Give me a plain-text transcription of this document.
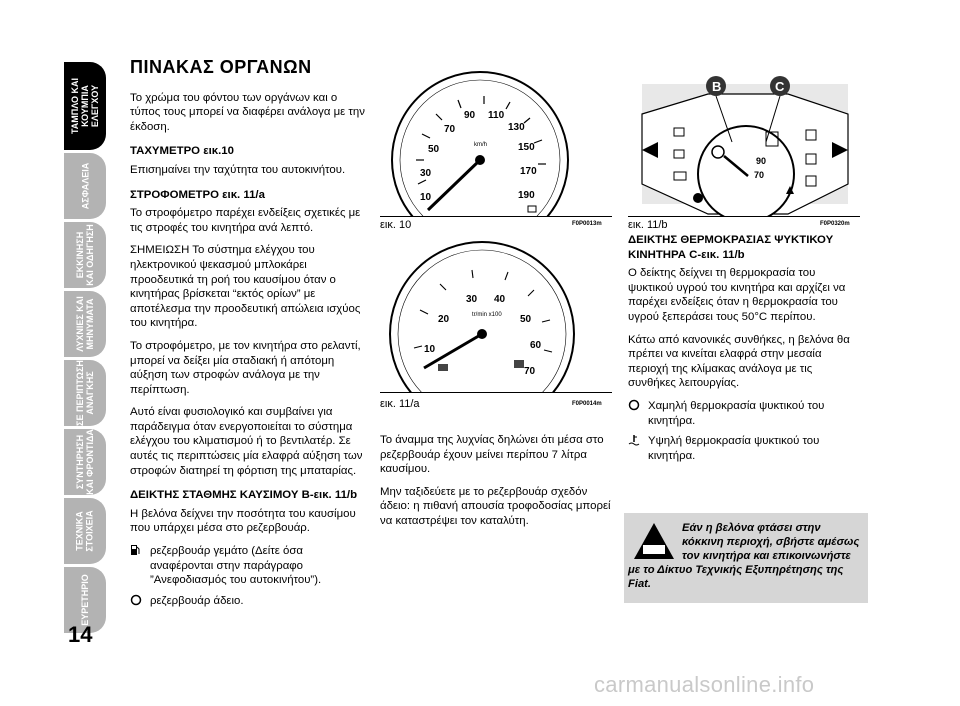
ΤΑΜΠΛΟ ΚΑΙ
ΚΟΥΜΠΙΑ
ΕΛΕΓΧΟΥ
ΑΣΦΑΛΕΙΑ
ΕΚΚΙΝΗΣΗ
ΚΑΙ ΟΔΗΓΗΣΗ
ΛΥΧΝΙΕΣ ΚΑΙ
ΜΗΝΥΜΑΤΑ
ΣΕ ΠΕΡΙΠΤΩΣΗ
ΑΝΑΓΚΗΣ
ΣΥΝΤΗΡΗΣΗ
ΚΑΙ ΦΡΟΝΤΙΔΑ
ΤΕΧΝΙΚΑ
ΣΤΟΙΧΕΙΑ
ΕΥΡΕΤΗΡΙΟ
14
ΠΙΝΑΚΑΣ ΟΡΓΑΝΩΝ

Το χρώμα του φόντου των οργάνων και ο τύπος τους μπορεί να διαφέρει ανάλογα με την έκδοση.

ΤΑΧΥΜΕΤΡΟ εικ.10

Επισημαίνει την ταχύτητα του αυτοκινήτου.

ΣΤΡΟΦΟΜΕΤΡΟ εικ. 11/a

Το στροφόμετρο παρέχει ενδείξεις σχετικές με τις στροφές του κινητήρα ανά λεπτό.

ΣΗΜΕΙΩΣΗ Το σύστημα ελέγχου του ηλεκτρονικού ψεκασμού μπλοκάρει προοδευτικά τη ροή του καυσίμου όταν ο κινητήρας βρίσκεται “εκτός ορίων” με αποτέλεσμα την προοδευτική απώλεια ισχύος του κινητήρα.

Το στροφόμετρο, με τον κινητήρα στο ρελαντί, μπορεί να δείξει μία σταδιακή ή απότομη αύξηση των στροφών ανάλογα με την περίπτωση.

Αυτό είναι φυσιολογικό και συμβαίνει για παράδειγμα όταν ενεργοποιείται το σύστημα ελέγχου του κλιματισμού ή το βεντιλατέρ. Σε αυτές τις περιπτώσεις μία ελαφρά αύξηση των στροφών διατηρεί τη φόρτιση της μπαταρίας.

ΔΕΙΚΤΗΣ ΣΤΑΘΜΗΣ ΚΑΥΣΙΜΟΥ B-εικ. 11/b

Η βελόνα δείχνει την ποσότητα του καυσίμου που υπάρχει μέσα στο ρεζερβουάρ.

ρεζερβουάρ γεμάτο (Δείτε όσα αναφέρονται στην παράγραφο ”Ανεφοδιασμός του αυτοκινήτου”).
ρεζερβουάρ άδειο.
10
30
50
70
90 110
130
150
170
190
km/h
εικ. 10	F0P0013m
10
20
30 40
50
60
70
tr/min x100
εικ. 11/a	F0P0014m
B	C
90
70
εικ. 11/b	F0P0320m

Το άναμμα της λυχνίας δηλώνει ότι μέσα στο ρεζερβουάρ έχουν μείνει περίπου 7 λίτρα καυσίμου.

Μην ταξιδεύετε με το ρεζερβουάρ σχεδόν άδειο: η πιθανή απουσία τροφοδοσίας μπορεί να καταστρέψει τον καταλύτη.

ΔΕΙΚΤΗΣ ΘΕΡΜΟΚΡΑΣΙΑΣ ΨΥΚΤΙΚΟΥ ΚΙΝΗΤΗΡΑ C-εικ. 11/b

Ο δείκτης δείχνει τη θερμοκρασία του ψυκτικού υγρού του κινητήρα και αρχίζει να παρέχει ενδείξεις όταν η θερμοκρασία του υγρού ξεπεράσει τους 50°C περίπου.

Κάτω από κανονικές συνθήκες, η βελόνα θα πρέπει να κινείται ελαφρά στην μεσαία περιοχή της κλίμακας ανάλογα με τις συνθήκες λειτουργίας.

Χαμηλή θερμοκρασία ψυκτικού του κινητήρα.
Υψηλή θερμοκρασία ψυκτικού του κινητήρα.
Εάν η βελόνα φτάσει στην κόκκινη περιοχή, σβήστε αμέσως τον κινητήρα και επικοινωνήστε με το Δίκτυο Τεχνικής Εξυπηρέτησης της Fiat.
carmanualsonline.info
